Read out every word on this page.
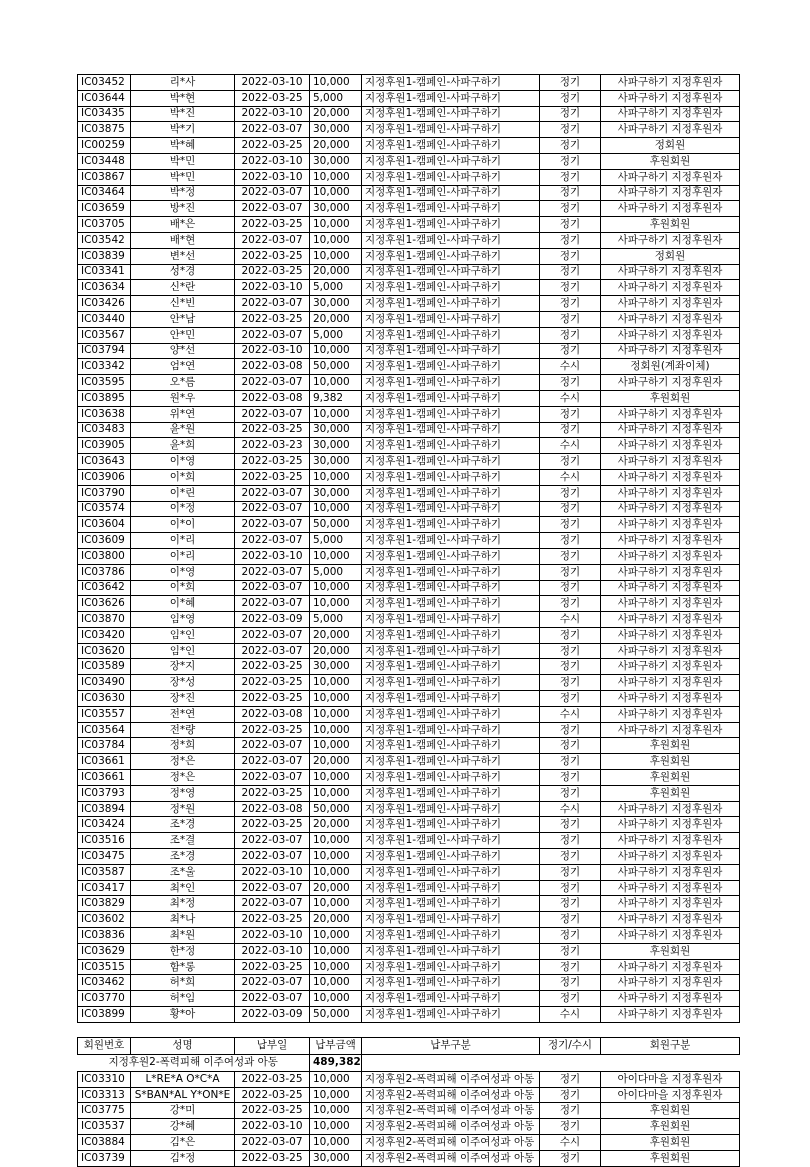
IC03452	리*사	2022-03-10	10,000	지정후원1-캠페인-사파구하기	정기	사파구하기 지정후원자
IC03644	박*현	2022-03-25	5,000	지정후원1-캠페인-사파구하기	정기	사파구하기 지정후원자
IC03435	박*진	2022-03-10	20,000	지정후원1-캠페인-사파구하기	정기	사파구하기 지정후원자
IC03875	박*기	2022-03-07	30,000	지정후원1-캠페인-사파구하기	정기	사파구하기 지정후원자
IC00259	박*혜	2022-03-25	20,000	지정후원1-캠페인-사파구하기	정기	정회원
IC03448	박*민	2022-03-10	30,000	지정후원1-캠페인-사파구하기	정기	후원회원
IC03867	박*민	2022-03-10	10,000	지정후원1-캠페인-사파구하기	정기	사파구하기 지정후원자
IC03464	박*정	2022-03-07	10,000	지정후원1-캠페인-사파구하기	정기	사파구하기 지정후원자
IC03659	방*진	2022-03-07	30,000	지정후원1-캠페인-사파구하기	정기	사파구하기 지정후원자
IC03705	배*은	2022-03-25	10,000	지정후원1-캠페인-사파구하기	정기	후원회원
IC03542	배*현	2022-03-07	10,000	지정후원1-캠페인-사파구하기	정기	사파구하기 지정후원자
IC03839	변*선	2022-03-25	10,000	지정후원1-캠페인-사파구하기	정기	정회원
IC03341	성*경	2022-03-25	20,000	지정후원1-캠페인-사파구하기	정기	사파구하기 지정후원자
IC03634	신*란	2022-03-10	5,000	지정후원1-캠페인-사파구하기	정기	사파구하기 지정후원자
IC03426	신*빈	2022-03-07	30,000	지정후원1-캠페인-사파구하기	정기	사파구하기 지정후원자
IC03440	안*남	2022-03-25	20,000	지정후원1-캠페인-사파구하기	정기	사파구하기 지정후원자
IC03567	안*민	2022-03-07	5,000	지정후원1-캠페인-사파구하기	정기	사파구하기 지정후원자
IC03794	양*선	2022-03-10	10,000	지정후원1-캠페인-사파구하기	정기	사파구하기 지정후원자
IC03342	엄*연	2022-03-08	50,000	지정후원1-캠페인-사파구하기	수시	정회원(계좌이체)
IC03595	오*름	2022-03-07	10,000	지정후원1-캠페인-사파구하기	정기	사파구하기 지정후원자
IC03895	원*우	2022-03-08	9,382	지정후원1-캠페인-사파구하기	수시	후원회원
IC03638	위*연	2022-03-07	10,000	지정후원1-캠페인-사파구하기	정기	사파구하기 지정후원자
IC03483	윤*원	2022-03-25	30,000	지정후원1-캠페인-사파구하기	정기	사파구하기 지정후원자
IC03905	윤*희	2022-03-23	30,000	지정후원1-캠페인-사파구하기	수시	사파구하기 지정후원자
IC03643	이*영	2022-03-25	30,000	지정후원1-캠페인-사파구하기	정기	사파구하기 지정후원자
IC03906	이*희	2022-03-25	10,000	지정후원1-캠페인-사파구하기	수시	사파구하기 지정후원자
IC03790	이*린	2022-03-07	30,000	지정후원1-캠페인-사파구하기	정기	사파구하기 지정후원자
IC03574	이*정	2022-03-07	10,000	지정후원1-캠페인-사파구하기	정기	사파구하기 지정후원자
IC03604	이*이	2022-03-07	50,000	지정후원1-캠페인-사파구하기	정기	사파구하기 지정후원자
IC03609	이*리	2022-03-07	5,000	지정후원1-캠페인-사파구하기	정기	사파구하기 지정후원자
IC03800	이*리	2022-03-10	10,000	지정후원1-캠페인-사파구하기	정기	사파구하기 지정후원자
IC03786	이*영	2022-03-07	5,000	지정후원1-캠페인-사파구하기	정기	사파구하기 지정후원자
IC03642	이*희	2022-03-07	10,000	지정후원1-캠페인-사파구하기	정기	사파구하기 지정후원자
IC03626	이*혜	2022-03-07	10,000	지정후원1-캠페인-사파구하기	정기	사파구하기 지정후원자
IC03870	임*영	2022-03-09	5,000	지정후원1-캠페인-사파구하기	수시	사파구하기 지정후원자
IC03420	임*인	2022-03-07	20,000	지정후원1-캠페인-사파구하기	정기	사파구하기 지정후원자
IC03620	임*인	2022-03-07	20,000	지정후원1-캠페인-사파구하기	정기	사파구하기 지정후원자
IC03589	장*지	2022-03-25	30,000	지정후원1-캠페인-사파구하기	정기	사파구하기 지정후원자
IC03490	장*성	2022-03-25	10,000	지정후원1-캠페인-사파구하기	정기	사파구하기 지정후원자
IC03630	장*진	2022-03-25	10,000	지정후원1-캠페인-사파구하기	정기	사파구하기 지정후원자
IC03557	전*연	2022-03-08	10,000	지정후원1-캠페인-사파구하기	수시	사파구하기 지정후원자
IC03564	전*량	2022-03-25	10,000	지정후원1-캠페인-사파구하기	정기	사파구하기 지정후원자
IC03784	정*희	2022-03-07	10,000	지정후원1-캠페인-사파구하기	정기	후원회원
IC03661	정*은	2022-03-07	20,000	지정후원1-캠페인-사파구하기	정기	후원회원
IC03661	정*은	2022-03-07	10,000	지정후원1-캠페인-사파구하기	정기	후원회원
IC03793	정*영	2022-03-25	10,000	지정후원1-캠페인-사파구하기	정기	후원회원
IC03894	정*원	2022-03-08	50,000	지정후원1-캠페인-사파구하기	수시	사파구하기 지정후원자
IC03424	조*경	2022-03-25	20,000	지정후원1-캠페인-사파구하기	정기	사파구하기 지정후원자
IC03516	조*결	2022-03-07	10,000	지정후원1-캠페인-사파구하기	정기	사파구하기 지정후원자
IC03475	조*경	2022-03-07	10,000	지정후원1-캠페인-사파구하기	정기	사파구하기 지정후원자
IC03587	조*울	2022-03-10	10,000	지정후원1-캠페인-사파구하기	정기	사파구하기 지정후원자
IC03417	최*인	2022-03-07	20,000	지정후원1-캠페인-사파구하기	정기	사파구하기 지정후원자
IC03829	최*정	2022-03-07	10,000	지정후원1-캠페인-사파구하기	정기	사파구하기 지정후원자
IC03602	최*나	2022-03-25	20,000	지정후원1-캠페인-사파구하기	정기	사파구하기 지정후원자
IC03836	최*원	2022-03-10	10,000	지정후원1-캠페인-사파구하기	정기	사파구하기 지정후원자
IC03629	한*정	2022-03-10	10,000	지정후원1-캠페인-사파구하기	정기	후원회원
IC03515	함*롱	2022-03-25	10,000	지정후원1-캠페인-사파구하기	정기	사파구하기 지정후원자
IC03462	허*희	2022-03-07	10,000	지정후원1-캠페인-사파구하기	정기	사파구하기 지정후원자
IC03770	허*임	2022-03-07	10,000	지정후원1-캠페인-사파구하기	정기	사파구하기 지정후원자
IC03899	황*아	2022-03-09	50,000	지정후원1-캠페인-사파구하기	수시	사파구하기 지정후원자

회원번호	성명	납부일	납부금액	납부구분	정기/수시	회원구분
지정후원2-폭력피해 이주여성과 아동			489,382			
IC03310	L*RE*A O*C*A	2022-03-25	10,000	지정후원2-폭력피해 이주여성과 아동	정기	아이다마을 지정후원자
IC03313	S*BAN*AL Y*ON*E	2022-03-25	10,000	지정후원2-폭력피해 이주여성과 아동	정기	아이다마을 지정후원자
IC03775	강*미	2022-03-25	10,000	지정후원2-폭력피해 이주여성과 아동	정기	후원회원
IC03537	강*혜	2022-03-10	10,000	지정후원2-폭력피해 이주여성과 아동	정기	후원회원
IC03884	김*은	2022-03-07	10,000	지정후원2-폭력피해 이주여성과 아동	수시	후원회원
IC03739	김*정	2022-03-25	30,000	지정후원2-폭력피해 이주여성과 아동	정기	후원회원
